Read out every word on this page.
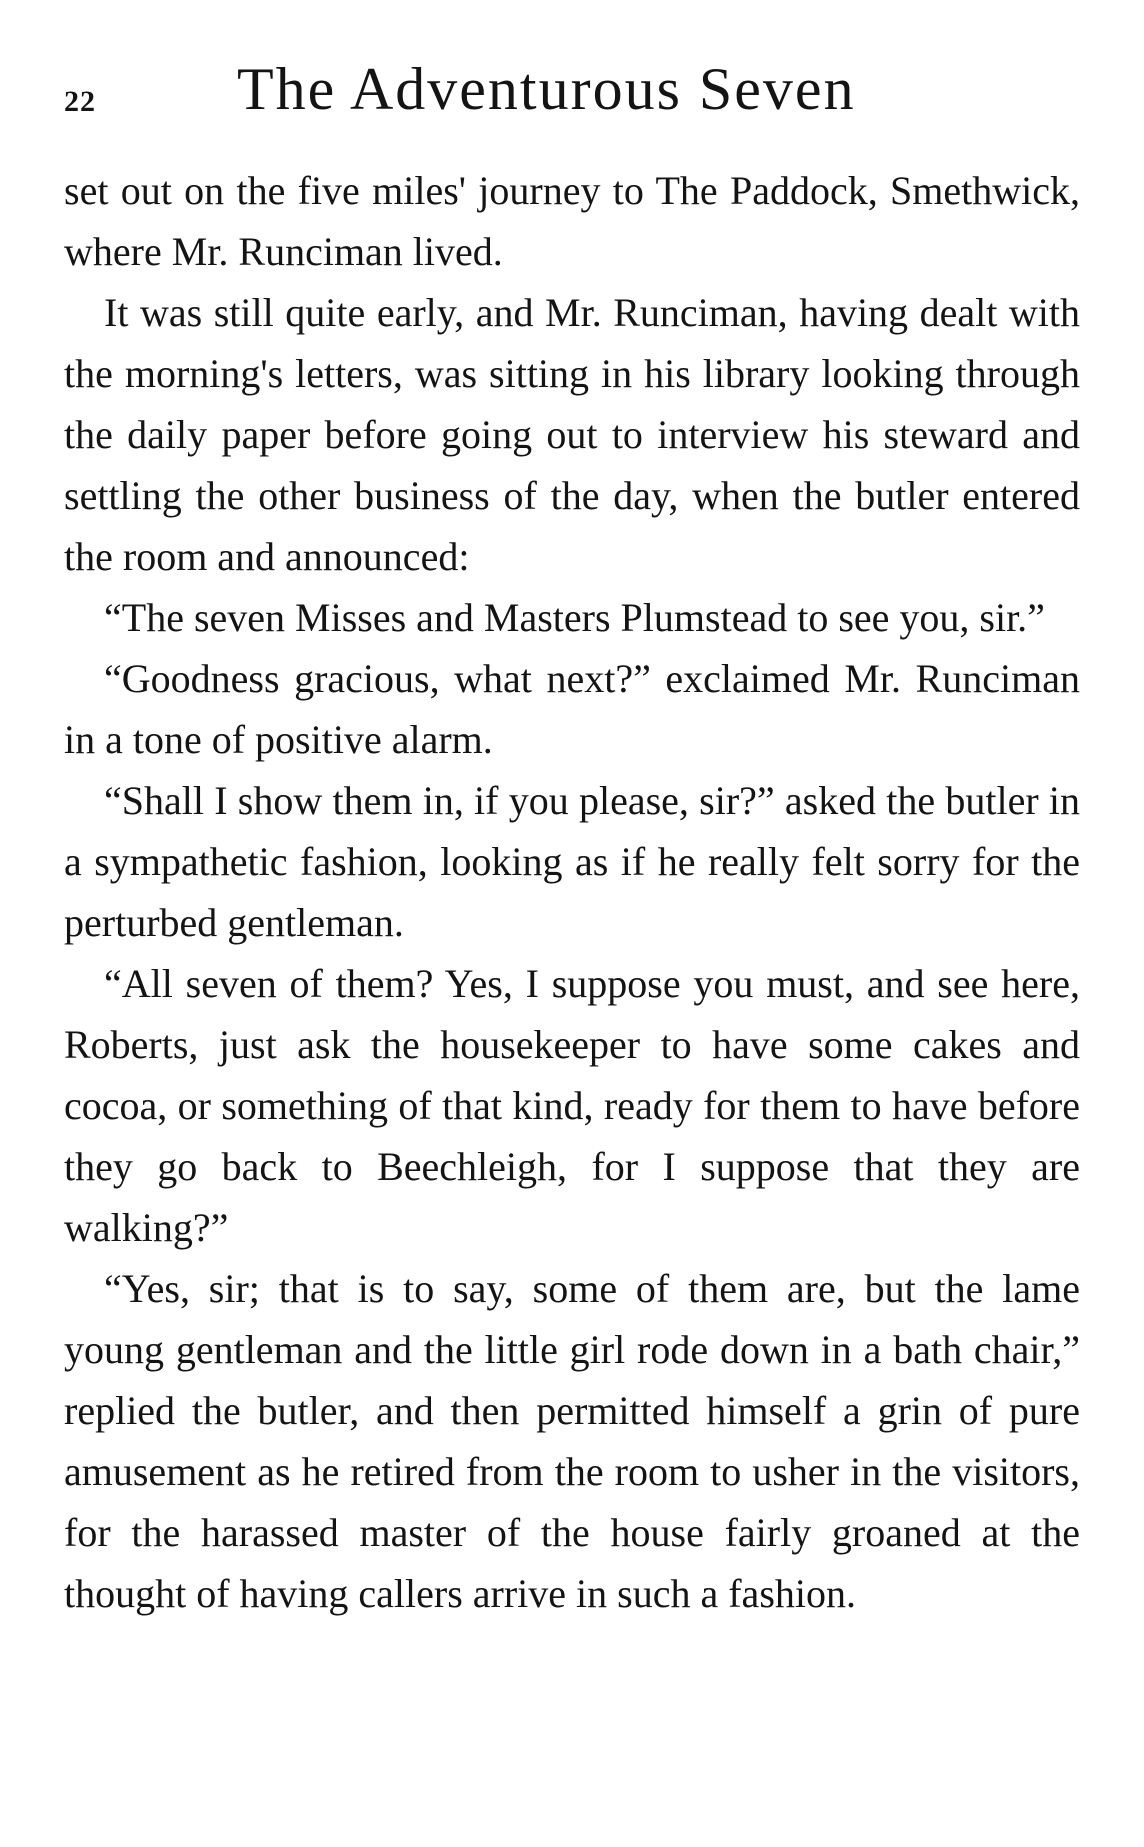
22 The Adventurous Seven

set out on the five miles' journey to The Paddock, Smethwick, where Mr. Runciman lived.

It was still quite early, and Mr. Runciman, having dealt with the morning's letters, was sitting in his library looking through the daily paper before going out to interview his steward and settling the other business of the day, when the butler entered the room and announced:

“The seven Misses and Masters Plumstead to see you, sir.”

“Goodness gracious, what next?” exclaimed Mr. Runciman in a tone of positive alarm.

“Shall I show them in, if you please, sir?” asked the butler in a sympathetic fashion, looking as if he really felt sorry for the perturbed gentleman.

“All seven of them? Yes, I suppose you must, and see here, Roberts, just ask the housekeeper to have some cakes and cocoa, or something of that kind, ready for them to have before they go back to Beechleigh, for I suppose that they are walking?”

“Yes, sir; that is to say, some of them are, but the lame young gentleman and the little girl rode down in a bath chair,” replied the butler, and then permitted himself a grin of pure amusement as he retired from the room to usher in the visitors, for the harassed master of the house fairly groaned at the thought of having callers arrive in such a fashion.
